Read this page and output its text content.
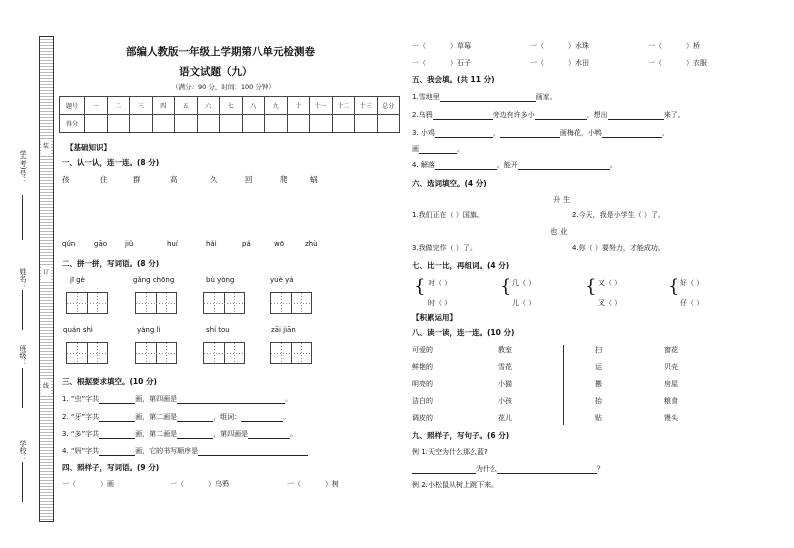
装
订
线
学(考)号：
姓名：
班级：
学校：
部编人教版一年级上学期第八单元检测卷
语文试题（九）
（满分：90 分，时间：100 分钟）
题号	一	二	三	四	五	六	七	八	九	十	十一	十二	十三	总分
得分														
【基础知识】
一、认一认，连一连。(8 分)
孩	住	群	高	久	回	爬	蜗
qún	gāo	jiǔ	huí	hái	pá	wō	zhù
二、拼一拼，写词语。(8 分)
jī gè	gǎng chōng	bù yòng	yuè yá
quán shì	yàng lì	shí tou	zāi jiān
三、根据要求填空。(10 分)
1. “虫”字共	画，第四画是	。
2. “牙”字共	画，第二画是	，组词：	。
3. “多”字共	画，第二画是	，第四画是	。
4. “妈”字共	画，它的书写顺序是
四、照样子，写词语。(9 分)
一（	）画	一（	）乌鸦	一（	）树
一（	）草莓	一（	）水珠	一（	）桥
一（	）石子	一（	）水田	一（	）衣服
五、我会填。(共 11 分)
1.雪地里	画家。
2.乌鸦	旁边有许多小	，想出	来了。
3. 小鸡	，	画梅花，小鸭	，
画	。
4. 解落	。能开	。
六、选词填空。(4 分)
升 生
1.我们正在（ ）国旗。	2.今天，我是小学生（ ）了。
也 业
3.我做完作（ ）了。	4.你（ ）要努力，才能成功。
七、比一比，再组词。(4 分)
{ 对（ ）
时（ ）
{ 几（ ）
儿（ ）
{ 又（ ）
叉（ ）
{ 好（ ）
仔（ ）
【积累运用】
八、读一读，连一连。(10 分)
可爱的
鲜艳的
明亮的
洁白的
调皮的
教室
雪花
小猫
小孩
花儿
扫
运
搬
抬
贴
窗花
贝壳
房屋
粮食
馒头
九、照样子，写句子。(6 分)
例 1:天空为什么那么蓝?
为什么	？
例 2:小松鼠从树上跳下来。
